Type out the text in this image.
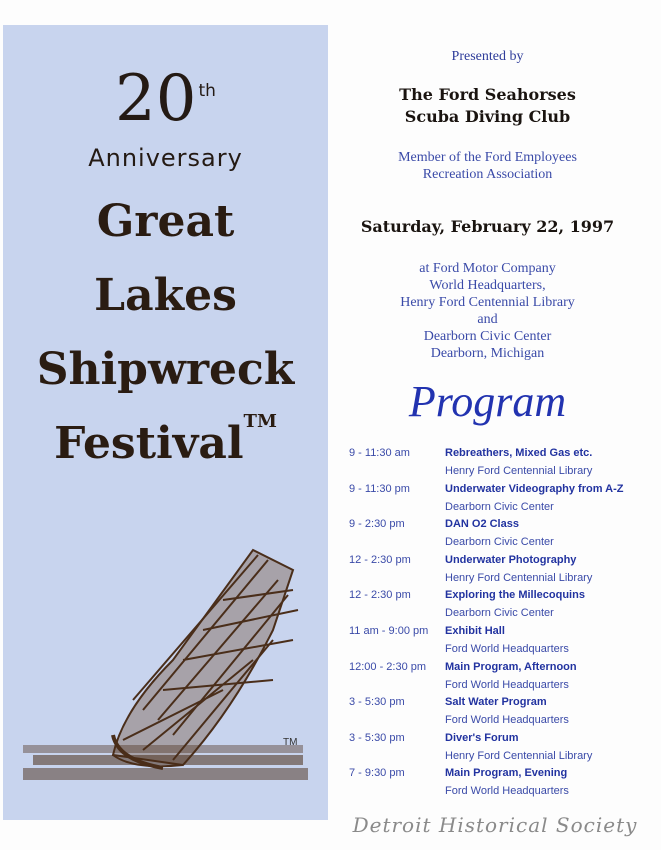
20 th
Anniversary
Great
Lakes
Shipwreck
Festival™
TM
Presented by
The Ford Seahorses
Scuba Diving Club
Member of the Ford Employees
Recreation Association
Saturday, February 22, 1997
at Ford Motor Company
World Headquarters,
Henry Ford Centennial Library
and
Dearborn Civic Center
Dearborn, Michigan
Program
9 - 11:30 am	Rebreathers, Mixed Gas etc.
Henry Ford Centennial Library
9 - 11:30 pm	Underwater Videography from A-Z
Dearborn Civic Center
9 - 2:30 pm	DAN O2 Class
Dearborn Civic Center
12 - 2:30 pm	Underwater Photography
Henry Ford Centennial Library
12 - 2:30 pm	Exploring the Millecoquins
Dearborn Civic Center
11 am - 9:00 pm Exhibit Hall
Ford World Headquarters
12:00 - 2:30 pm Main Program, Afternoon
Ford World Headquarters
3 - 5:30 pm	Salt Water Program
Ford World Headquarters
3 - 5:30 pm	Diver's Forum
Henry Ford Centennial Library
7 - 9:30 pm	Main Program, Evening
Ford World Headquarters
Detroit Historical Society
